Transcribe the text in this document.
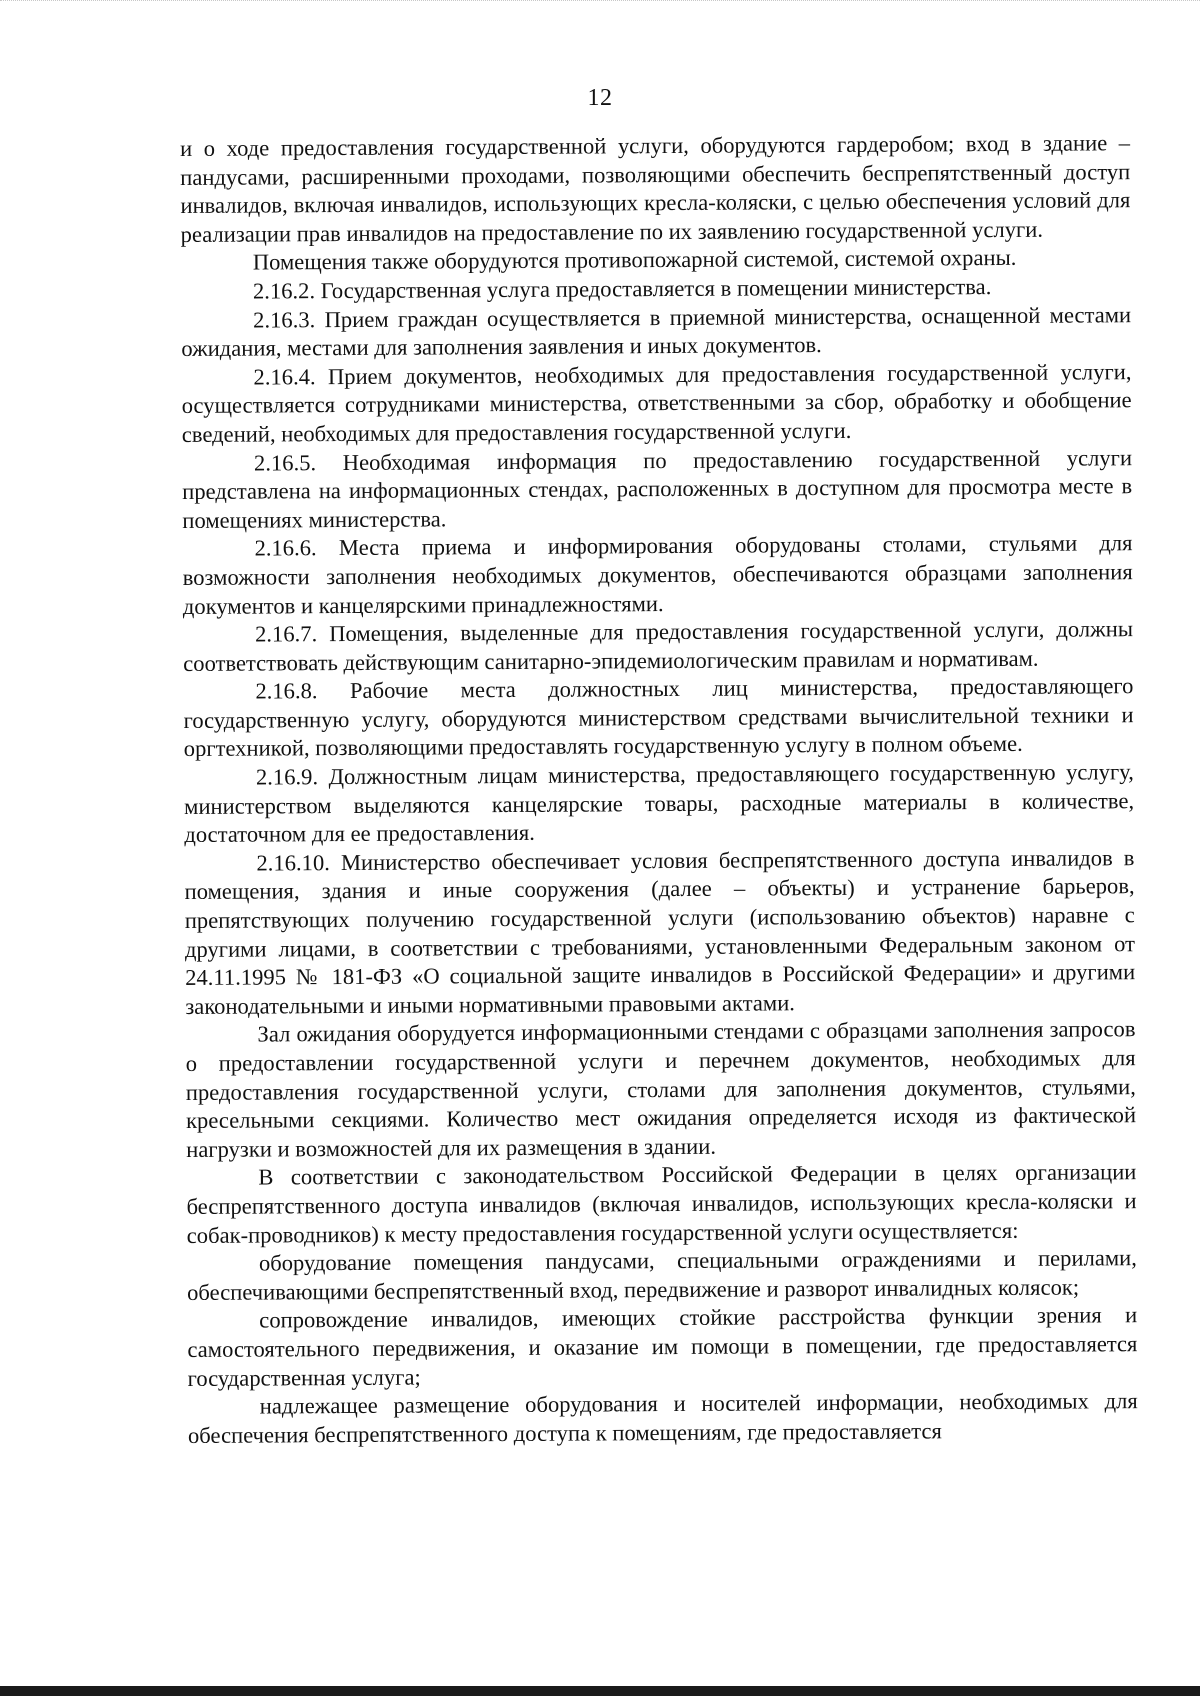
12

и о ходе предоставления государственной услуги, оборудуются гардеробом; вход в здание – пандусами, расширенными проходами, позволяющими обеспечить беспрепятственный доступ инвалидов, включая инвалидов, использующих кресла-коляски, с целью обеспечения условий для реализации прав инвалидов на предоставление по их заявлению государственной услуги.

Помещения также оборудуются противопожарной системой, системой охраны.

2.16.2. Государственная услуга предоставляется в помещении министерства.

2.16.3. Прием граждан осуществляется в приемной министерства, оснащенной местами ожидания, местами для заполнения заявления и иных документов.

2.16.4. Прием документов, необходимых для предоставления государственной услуги, осуществляется сотрудниками министерства, ответственными за сбор, обработку и обобщение сведений, необходимых для предоставления государственной услуги.

2.16.5. Необходимая информация по предоставлению государственной услуги представлена на информационных стендах, расположенных в доступном для просмотра месте в помещениях министерства.

2.16.6. Места приема и информирования оборудованы столами, стульями для возможности заполнения необходимых документов, обеспечиваются образцами заполнения документов и канцелярскими принадлежностями.

2.16.7. Помещения, выделенные для предоставления государственной услуги, должны соответствовать действующим санитарно-эпидемиологическим правилам и нормативам.

2.16.8. Рабочие места должностных лиц министерства, предоставляющего государственную услугу, оборудуются министерством средствами вычислительной техники и оргтехникой, позволяющими предоставлять государственную услугу в полном объеме.

2.16.9. Должностным лицам министерства, предоставляющего государственную услугу, министерством выделяются канцелярские товары, расходные материалы в количестве, достаточном для ее предоставления.

2.16.10. Министерство обеспечивает условия беспрепятственного доступа инвалидов в помещения, здания и иные сооружения (далее – объекты) и устранение барьеров, препятствующих получению государственной услуги (использованию объектов) наравне с другими лицами, в соответствии с требованиями, установленными Федеральным законом от 24.11.1995 № 181-ФЗ «О социальной защите инвалидов в Российской Федерации» и другими законодательными и иными нормативными правовыми актами.

Зал ожидания оборудуется информационными стендами с образцами заполнения запросов о предоставлении государственной услуги и перечнем документов, необходимых для предоставления государственной услуги, столами для заполнения документов, стульями, кресельными секциями. Количество мест ожидания определяется исходя из фактической нагрузки и возможностей для их размещения в здании.

В соответствии с законодательством Российской Федерации в целях организации беспрепятственного доступа инвалидов (включая инвалидов, использующих кресла-коляски и собак-проводников) к месту предоставления государственной услуги осуществляется:

оборудование помещения пандусами, специальными ограждениями и перилами, обеспечивающими беспрепятственный вход, передвижение и разворот инвалидных колясок;

сопровождение инвалидов, имеющих стойкие расстройства функции зрения и самостоятельного передвижения, и оказание им помощи в помещении, где предоставляется государственная услуга;

надлежащее размещение оборудования и носителей информации, необходимых для обеспечения беспрепятственного доступа к помещениям, где предоставляется
